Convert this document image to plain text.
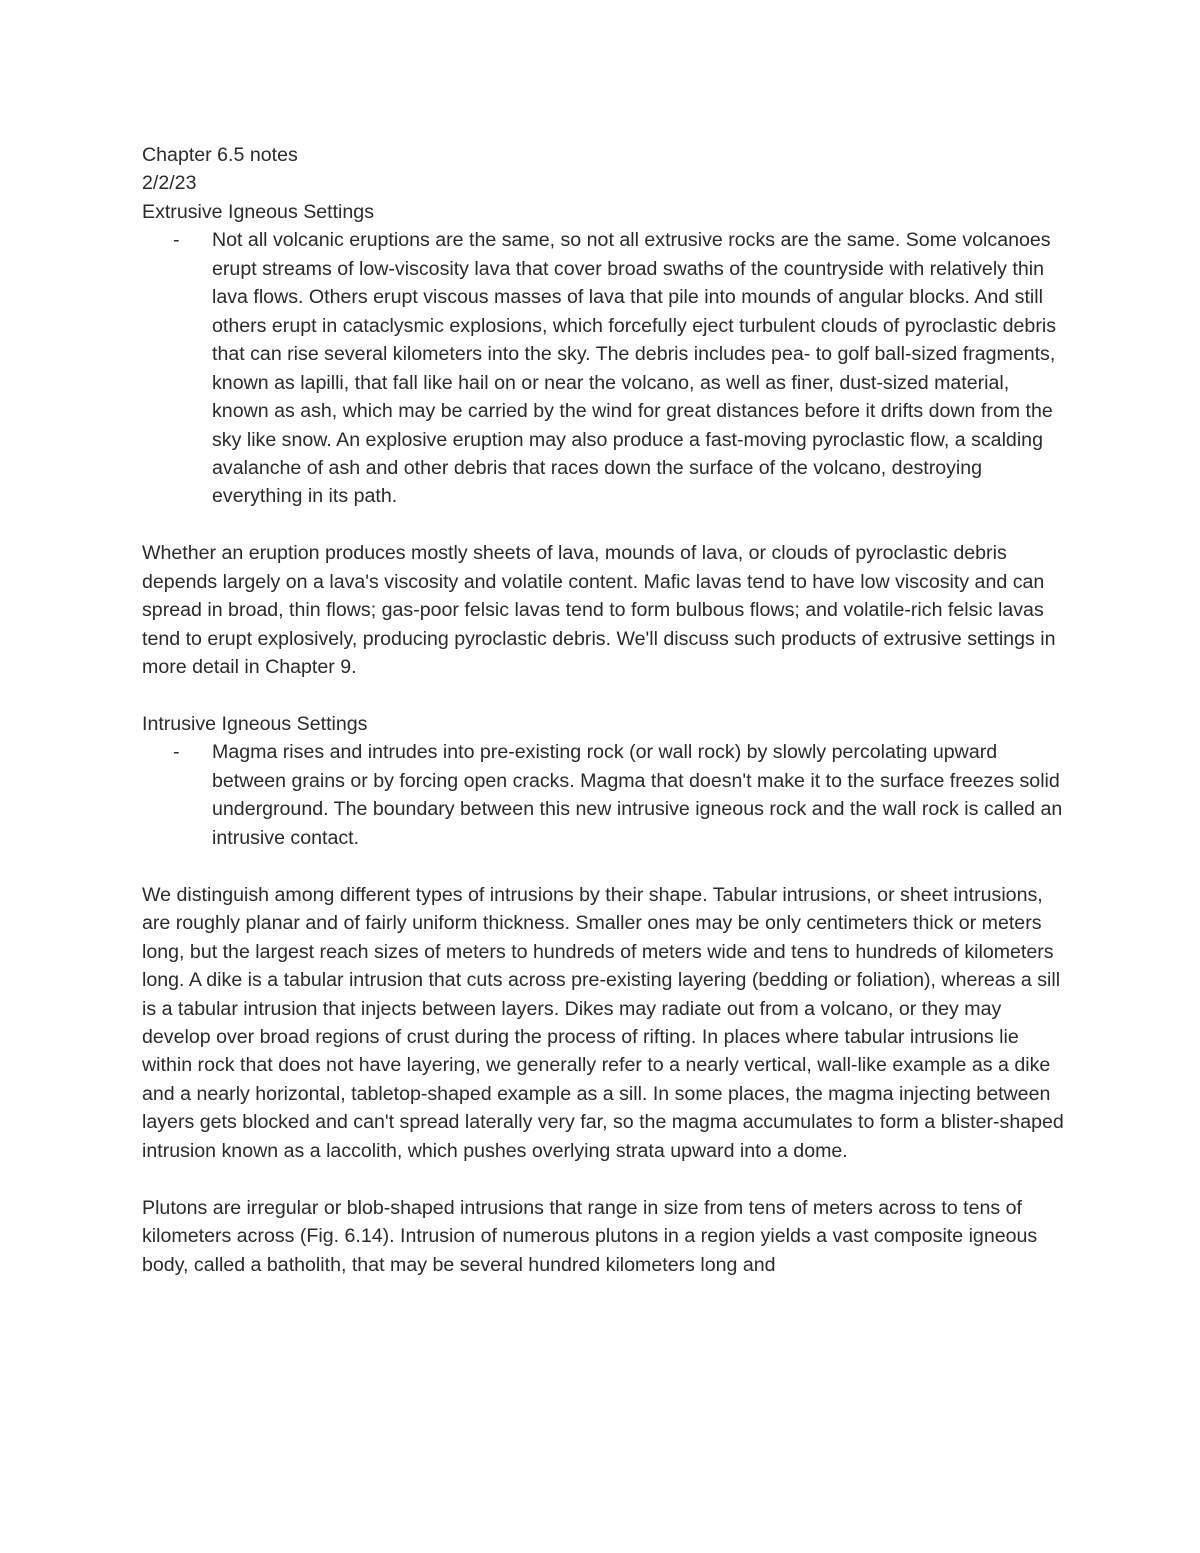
Chapter 6.5 notes

2/2/23

Extrusive Igneous Settings

- Not all volcanic eruptions are the same, so not all extrusive rocks are the same. Some volcanoes erupt streams of low-viscosity lava that cover broad swaths of the countryside with relatively thin lava flows. Others erupt viscous masses of lava that pile into mounds of angular blocks. And still others erupt in cataclysmic explosions, which forcefully eject turbulent clouds of pyroclastic debris that can rise several kilometers into the sky. The debris includes pea- to golf ball-sized fragments, known as lapilli, that fall like hail on or near the volcano, as well as finer, dust-sized material, known as ash, which may be carried by the wind for great distances before it drifts down from the sky like snow. An explosive eruption may also produce a fast-moving pyroclastic flow, a scalding avalanche of ash and other debris that races down the surface of the volcano, destroying everything in its path.

Whether an eruption produces mostly sheets of lava, mounds of lava, or clouds of pyroclastic debris depends largely on a lava's viscosity and volatile content. Mafic lavas tend to have low viscosity and can spread in broad, thin flows; gas-poor felsic lavas tend to form bulbous flows; and volatile-rich felsic lavas tend to erupt explosively, producing pyroclastic debris. We'll discuss such products of extrusive settings in more detail in Chapter 9.

Intrusive Igneous Settings

- Magma rises and intrudes into pre-existing rock (or wall rock) by slowly percolating upward between grains or by forcing open cracks. Magma that doesn't make it to the surface freezes solid underground. The boundary between this new intrusive igneous rock and the wall rock is called an intrusive contact.

We distinguish among different types of intrusions by their shape. Tabular intrusions, or sheet intrusions, are roughly planar and of fairly uniform thickness. Smaller ones may be only centimeters thick or meters long, but the largest reach sizes of meters to hundreds of meters wide and tens to hundreds of kilometers long. A dike is a tabular intrusion that cuts across pre-existing layering (bedding or foliation), whereas a sill is a tabular intrusion that injects between layers. Dikes may radiate out from a volcano, or they may develop over broad regions of crust during the process of rifting. In places where tabular intrusions lie within rock that does not have layering, we generally refer to a nearly vertical, wall-like example as a dike and a nearly horizontal, tabletop-shaped example as a sill. In some places, the magma injecting between layers gets blocked and can't spread laterally very far, so the magma accumulates to form a blister-shaped intrusion known as a laccolith, which pushes overlying strata upward into a dome.

Plutons are irregular or blob-shaped intrusions that range in size from tens of meters across to tens of kilometers across (Fig. 6.14). Intrusion of numerous plutons in a region yields a vast composite igneous body, called a batholith, that may be several hundred kilometers long and
